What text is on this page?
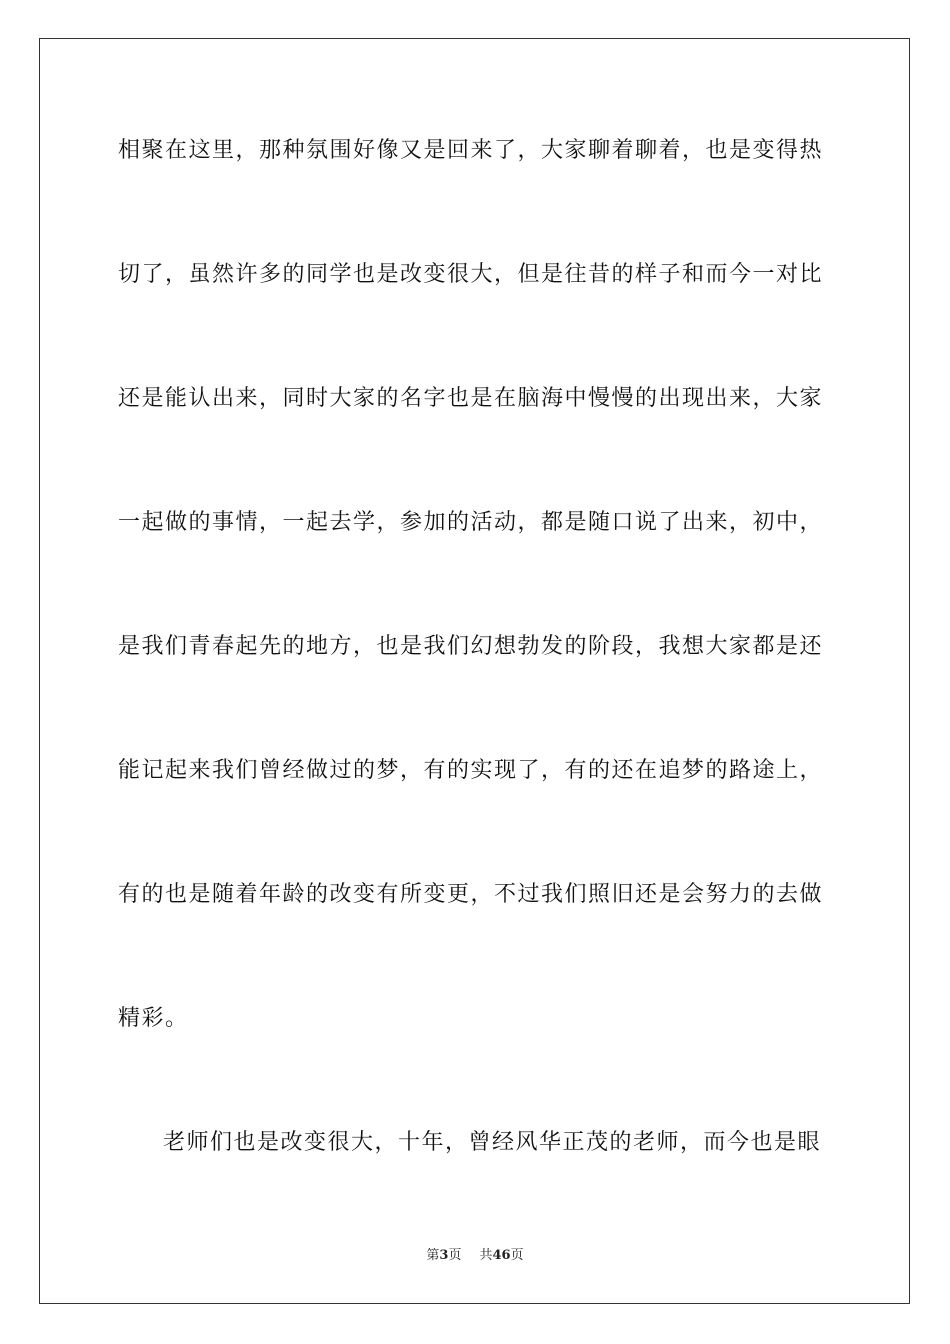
相聚在这里，那种氛围好像又是回来了，大家聊着聊着，也是变得热
切了，虽然许多的同学也是改变很大，但是往昔的样子和而今一对比
还是能认出来，同时大家的名字也是在脑海中慢慢的出现出来，大家
一起做的事情，一起去学，参加的活动，都是随口说了出来，初中，
是我们青春起先的地方，也是我们幻想勃发的阶段，我想大家都是还
能记起来我们曾经做过的梦，有的实现了，有的还在追梦的路途上，
有的也是随着年龄的改变有所变更，不过我们照旧还是会努力的去做
精彩。
老师们也是改变很大，十年，曾经风华正茂的老师，而今也是眼
第3页 共46页
